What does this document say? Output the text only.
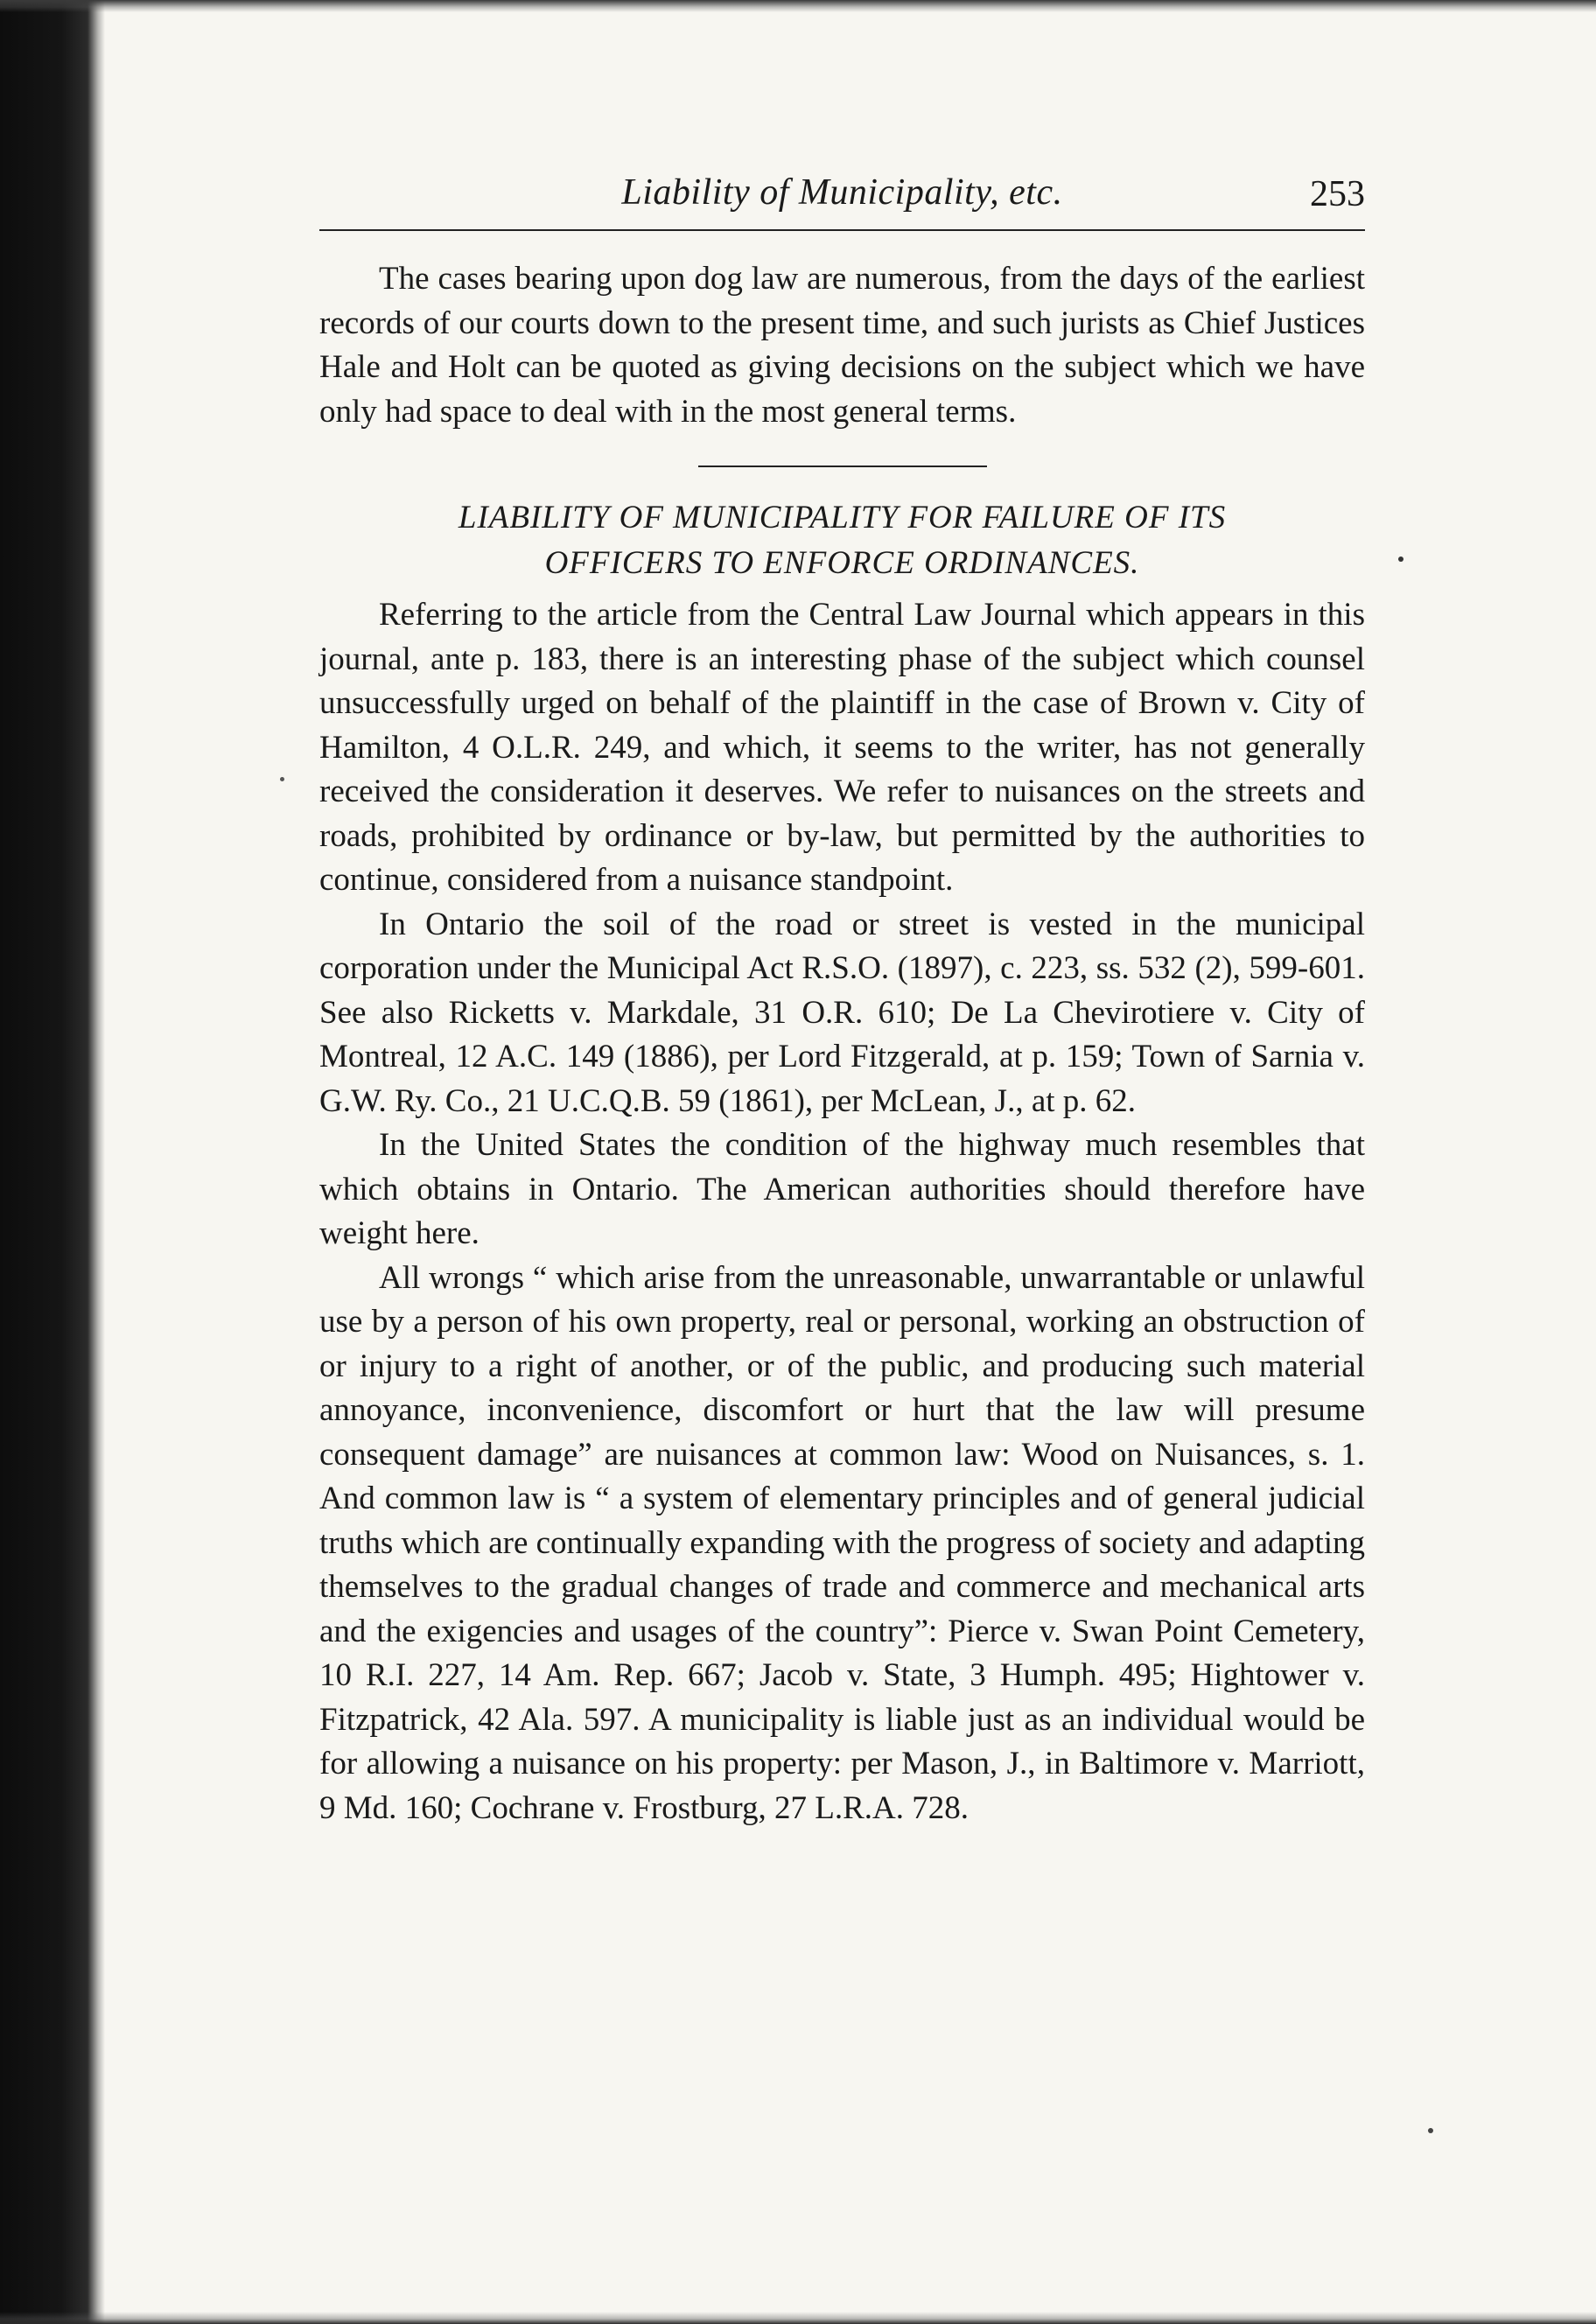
Liability of Municipality, etc.	253

The cases bearing upon dog law are numerous, from the days of the earliest records of our courts down to the present time, and such jurists as Chief Justices Hale and Holt can be quoted as giving decisions on the subject which we have only had space to deal with in the most general terms.

LIABILITY OF MUNICIPALITY FOR FAILURE OF ITS
OFFICERS TO ENFORCE ORDINANCES.

Referring to the article from the Central Law Journal which appears in this journal, ante p. 183, there is an interesting phase of the subject which counsel unsuccessfully urged on behalf of the plaintiff in the case of Brown v. City of Hamilton, 4 O.L.R. 249, and which, it seems to the writer, has not generally received the consideration it deserves. We refer to nuisances on the streets and roads, prohibited by ordinance or by-law, but permitted by the authorities to continue, considered from a nuisance standpoint.

In Ontario the soil of the road or street is vested in the municipal corporation under the Municipal Act R.S.O. (1897), c. 223, ss. 532 (2), 599-601. See also Ricketts v. Markdale, 31 O.R. 610; De La Chevirotiere v. City of Montreal, 12 A.C. 149 (1886), per Lord Fitzgerald, at p. 159; Town of Sarnia v. G.W. Ry. Co., 21 U.C.Q.B. 59 (1861), per McLean, J., at p. 62.

In the United States the condition of the highway much resembles that which obtains in Ontario. The American authorities should therefore have weight here.

All wrongs “ which arise from the unreasonable, unwarrantable or unlawful use by a person of his own property, real or personal, working an obstruction of or injury to a right of another, or of the public, and producing such material annoyance, inconvenience, discomfort or hurt that the law will presume consequent damage” are nuisances at common law: Wood on Nuisances, s. 1. And common law is “ a system of elementary principles and of general judicial truths which are continually expanding with the progress of society and adapting themselves to the gradual changes of trade and commerce and mechanical arts and the exigencies and usages of the country”: Pierce v. Swan Point Cemetery, 10 R.I. 227, 14 Am. Rep. 667; Jacob v. State, 3 Humph. 495; Hightower v. Fitzpatrick, 42 Ala. 597. A municipality is liable just as an individual would be for allowing a nuisance on his property: per Mason, J., in Baltimore v. Marriott, 9 Md. 160; Cochrane v. Frostburg, 27 L.R.A. 728.
